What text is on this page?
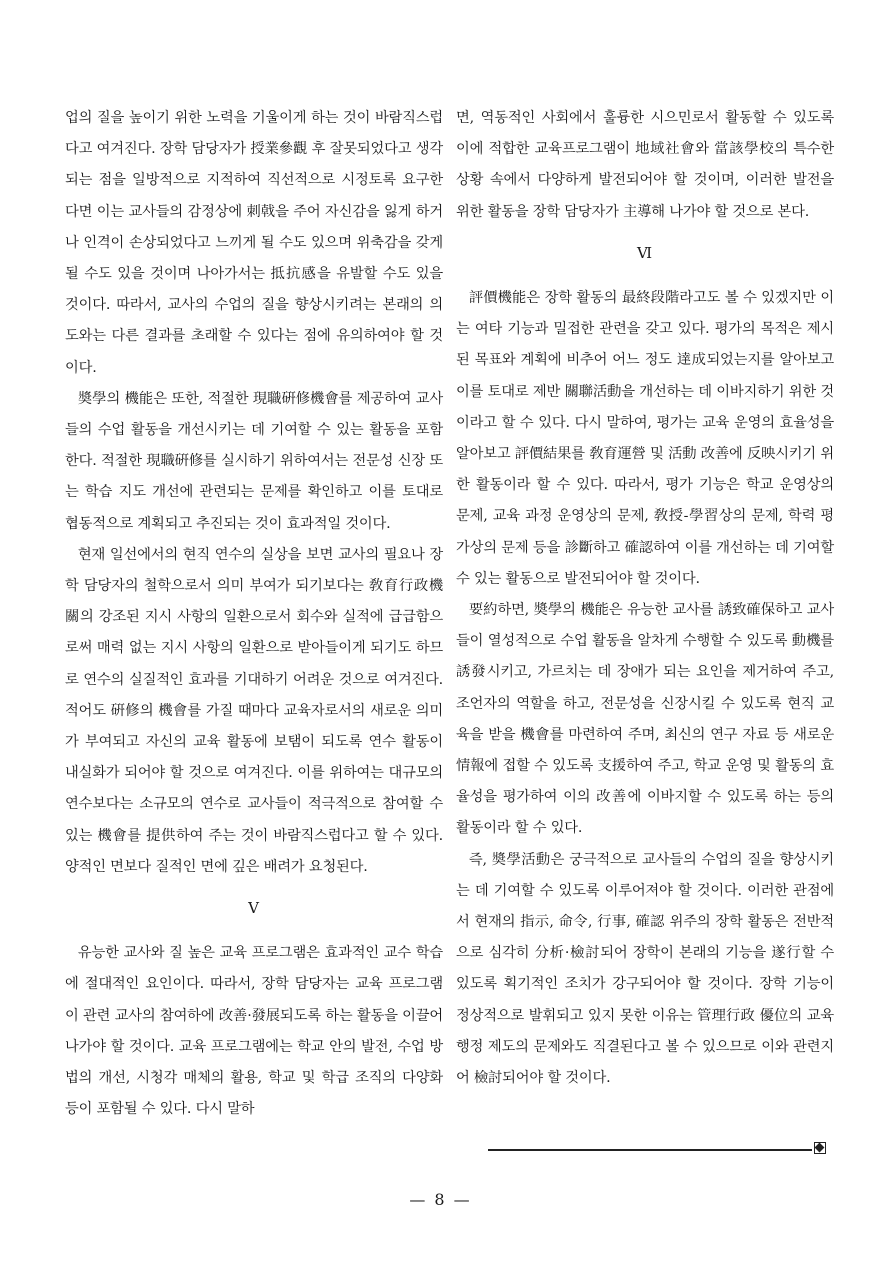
업의 질을 높이기 위한 노력을 기울이게 하는 것이 바람직스럽다고 여겨진다. 장학 담당자가 授業參觀 후 잘못되었다고 생각되는 점을 일방적으로 지적하여 직선적으로 시정토록 요구한다면 이는 교사들의 감정상에 刺戟을 주어 자신감을 잃게 하거나 인격이 손상되었다고 느끼게 될 수도 있으며 위축감을 갖게 될 수도 있을 것이며 나아가서는 抵抗感을 유발할 수도 있을 것이다. 따라서, 교사의 수업의 질을 향상시키려는 본래의 의도와는 다른 결과를 초래할 수 있다는 점에 유의하여야 할 것이다.

奬學의 機能은 또한, 적절한 現職硏修機會를 제공하여 교사들의 수업 활동을 개선시키는 데 기여할 수 있는 활동을 포함한다. 적절한 現職硏修를 실시하기 위하여서는 전문성 신장 또는 학습 지도 개선에 관련되는 문제를 확인하고 이를 토대로 협동적으로 계획되고 추진되는 것이 효과적일 것이다.

현재 일선에서의 현직 연수의 실상을 보면 교사의 필요나 장학 담당자의 철학으로서 의미 부여가 되기보다는 敎育行政機關의 강조된 지시 사항의 일환으로서 회수와 실적에 급급함으로써 매력 없는 지시 사항의 일환으로 받아들이게 되기도 하므로 연수의 실질적인 효과를 기대하기 어려운 것으로 여겨진다. 적어도 硏修의 機會를 가질 때마다 교육자로서의 새로운 의미가 부여되고 자신의 교육 활동에 보탬이 되도록 연수 활동이 내실화가 되어야 할 것으로 여겨진다. 이를 위하여는 대규모의 연수보다는 소규모의 연수로 교사들이 적극적으로 참여할 수 있는 機會를 提供하여 주는 것이 바람직스럽다고 할 수 있다. 양적인 면보다 질적인 면에 깊은 배려가 요청된다.

V

유능한 교사와 질 높은 교육 프로그램은 효과적인 교수 학습에 절대적인 요인이다. 따라서, 장학 담당자는 교육 프로그램이 관련 교사의 참여하에 改善·發展되도록 하는 활동을 이끌어 나가야 할 것이다. 교육 프로그램에는 학교 안의 발전, 수업 방법의 개선, 시청각 매체의 활용, 학교 및 학급 조직의 다양화 등이 포함될 수 있다. 다시 말하

면, 역동적인 사회에서 훌륭한 시으민로서 활동할 수 있도록 이에 적합한 교육프로그램이 地域社會와 當該學校의 특수한 상황 속에서 다양하게 발전되어야 할 것이며, 이러한 발전을 위한 활동을 장학 담당자가 主導해 나가야 할 것으로 본다.

Ⅵ

評價機能은 장학 활동의 最終段階라고도 볼 수 있겠지만 이는 여타 기능과 밀접한 관련을 갖고 있다. 평가의 목적은 제시된 목표와 계획에 비추어 어느 정도 達成되었는지를 알아보고 이를 토대로 제반 關聯活動을 개선하는 데 이바지하기 위한 것이라고 할 수 있다. 다시 말하여, 평가는 교육 운영의 효율성을 알아보고 評價結果를 敎育運營 및 活動 改善에 反映시키기 위한 활동이라 할 수 있다. 따라서, 평가 기능은 학교 운영상의 문제, 교육 과정 운영상의 문제, 敎授-學習상의 문제, 학력 평가상의 문제 등을 診斷하고 確認하여 이를 개선하는 데 기여할 수 있는 활동으로 발전되어야 할 것이다.

要約하면, 奬學의 機能은 유능한 교사를 誘致確保하고 교사들이 열성적으로 수업 활동을 알차게 수행할 수 있도록 動機를 誘發시키고, 가르치는 데 장애가 되는 요인을 제거하여 주고, 조언자의 역할을 하고, 전문성을 신장시킬 수 있도록 현직 교육을 받을 機會를 마련하여 주며, 최신의 연구 자료 등 새로운 情報에 접할 수 있도록 支援하여 주고, 학교 운영 및 활동의 효율성을 평가하여 이의 改善에 이바지할 수 있도록 하는 등의 활동이라 할 수 있다.

즉, 奬學活動은 궁극적으로 교사들의 수업의 질을 향상시키는 데 기여할 수 있도록 이루어져야 할 것이다. 이러한 관점에서 현재의 指示, 命令, 行事, 確認 위주의 장학 활동은 전반적으로 심각히 分析·檢討되어 장학이 본래의 기능을 遂行할 수 있도록 획기적인 조치가 강구되어야 할 것이다. 장학 기능이 정상적으로 발휘되고 있지 못한 이유는 管理行政 優位의 교육 행정 제도의 문제와도 직결된다고 볼 수 있으므로 이와 관련지어 檢討되어야 할 것이다.

— 8 —
